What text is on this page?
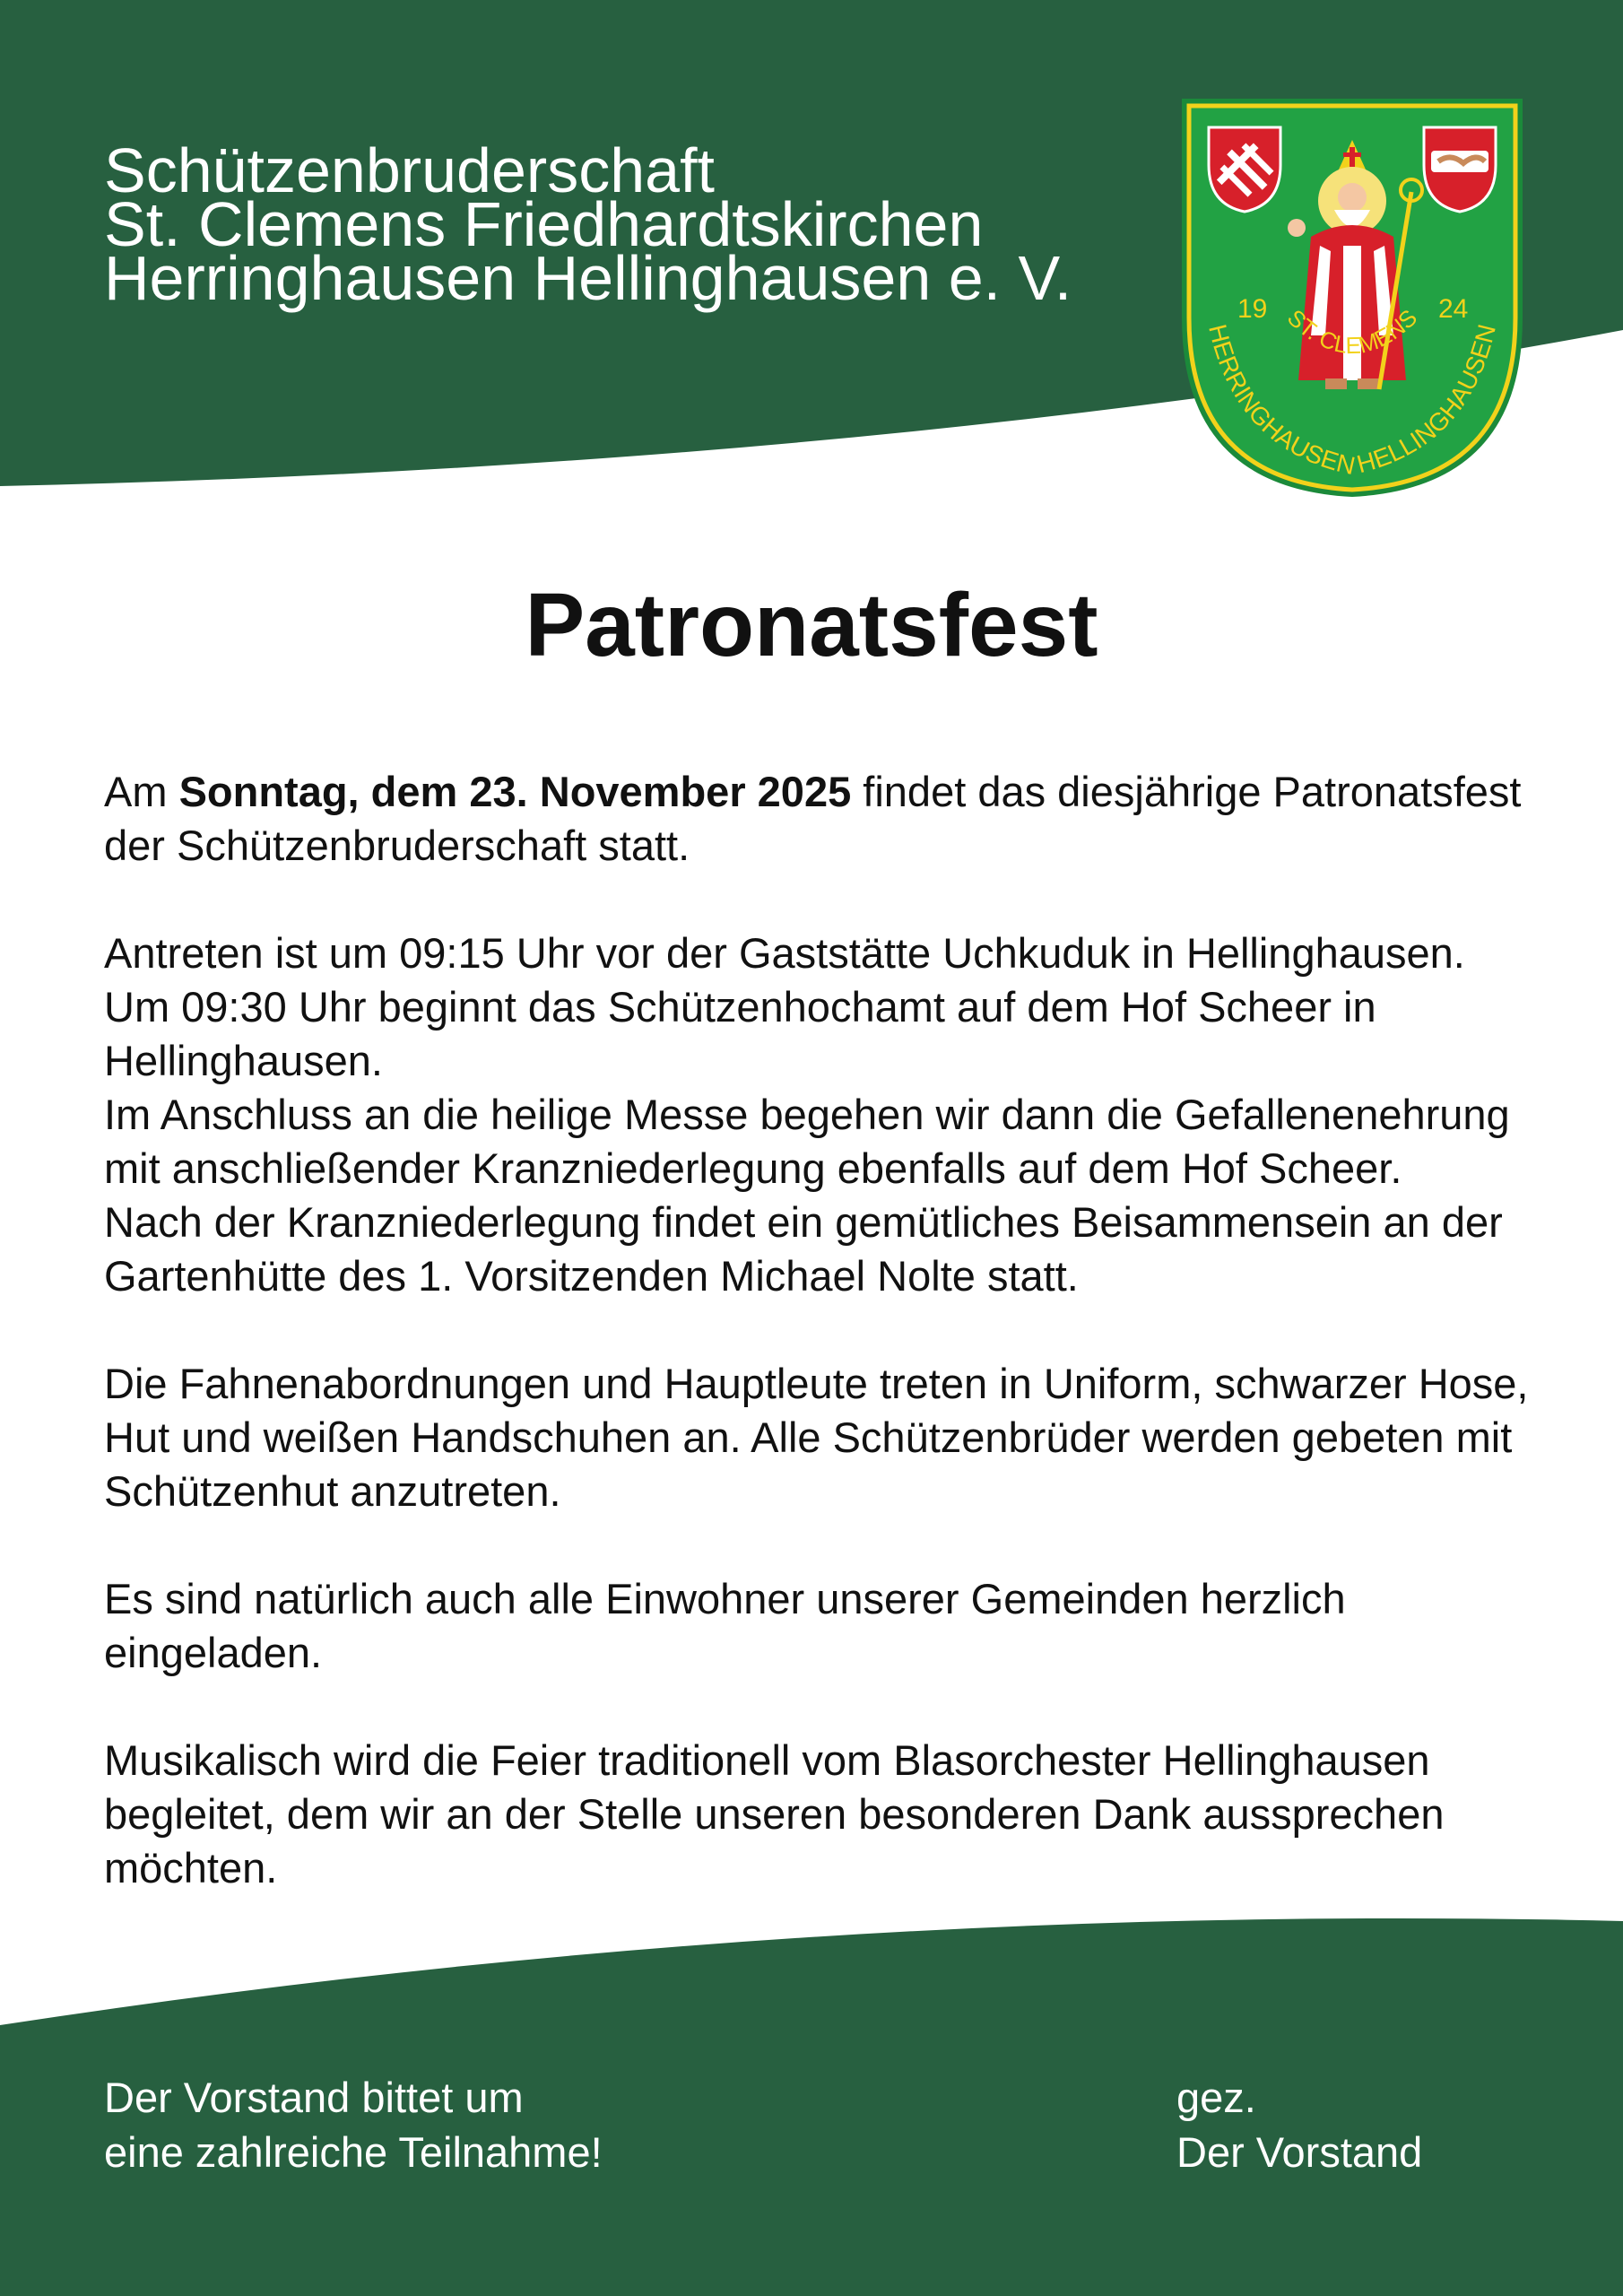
Schützenbruderschaft
St. Clemens Friedhardtskirchen
Herringhausen Hellinghausen e. V.	19	24
ST. CLEMENS
HERRINGHAUSEN HELLINGHAUSEN
Patronatsfest

Am Sonntag, dem 23. November 2025 findet das diesjährige Patronatsfest der Schützenbruderschaft statt.

Antreten ist um 09:15 Uhr vor der Gaststätte Uchkuduk in Hellinghausen.

Um 09:30 Uhr beginnt das Schützenhochamt auf dem Hof Scheer in Hellinghausen.

Im Anschluss an die heilige Messe begehen wir dann die Gefallenenehrung mit anschließender Kranzniederlegung ebenfalls auf dem Hof Scheer.

Nach der Kranzniederlegung findet ein gemütliches Beisammensein an der Gartenhütte des 1. Vorsitzenden Michael Nolte statt.

Die Fahnenabordnungen und Hauptleute treten in Uniform, schwarzer Hose, Hut und weißen Handschuhen an. Alle Schützenbrüder werden gebeten mit Schützenhut anzutreten.

Es sind natürlich auch alle Einwohner unserer Gemeinden herzlich eingeladen.

Musikalisch wird die Feier traditionell vom Blasorchester Hellinghausen begleitet, dem wir an der Stelle unseren besonderen Dank aussprechen möchten.

Der Vorstand bittet um
eine zahlreiche Teilnahme!
gez.
Der Vorstand
